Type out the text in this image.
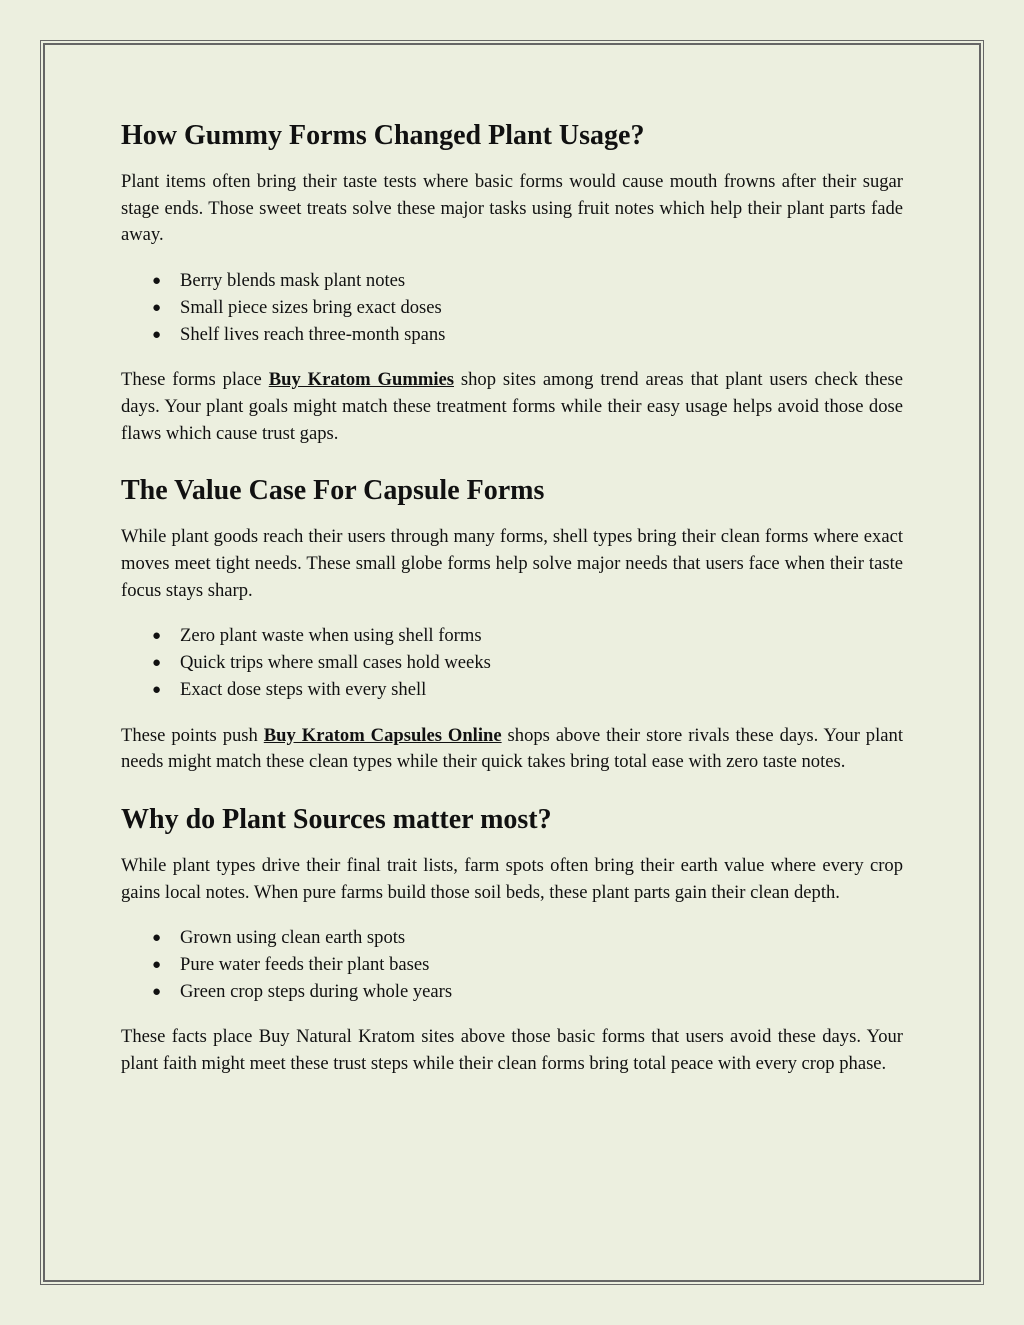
How Gummy Forms Changed Plant Usage?

Plant items often bring their taste tests where basic forms would cause mouth frowns after their sugar stage ends. Those sweet treats solve these major tasks using fruit notes which help their plant parts fade away.

● Berry blends mask plant notes
● Small piece sizes bring exact doses
● Shelf lives reach three-month spans

These forms place Buy Kratom Gummies shop sites among trend areas that plant users check these days. Your plant goals might match these treatment forms while their easy usage helps avoid those dose flaws which cause trust gaps.

The Value Case For Capsule Forms

While plant goods reach their users through many forms, shell types bring their clean forms where exact moves meet tight needs. These small globe forms help solve major needs that users face when their taste focus stays sharp.

● Zero plant waste when using shell forms
● Quick trips where small cases hold weeks
● Exact dose steps with every shell

These points push Buy Kratom Capsules Online shops above their store rivals these days. Your plant needs might match these clean types while their quick takes bring total ease with zero taste notes.

Why do Plant Sources matter most?

While plant types drive their final trait lists, farm spots often bring their earth value where every crop gains local notes. When pure farms build those soil beds, these plant parts gain their clean depth.

● Grown using clean earth spots
● Pure water feeds their plant bases
● Green crop steps during whole years

These facts place Buy Natural Kratom sites above those basic forms that users avoid these days. Your plant faith might meet these trust steps while their clean forms bring total peace with every crop phase.
